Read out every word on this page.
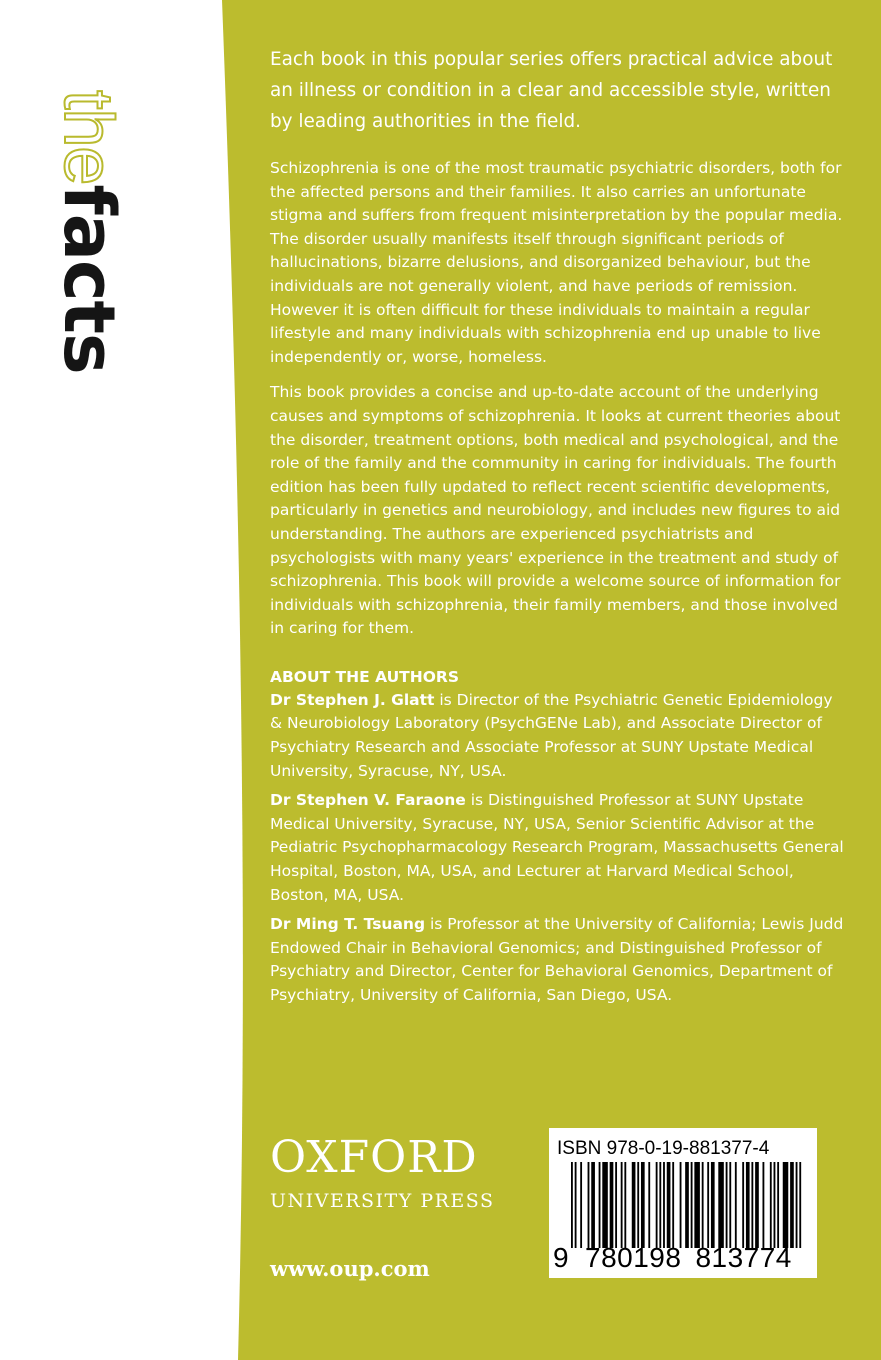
thefacts

Each book in this popular series offers practical advice about an illness or condition in a clear and accessible style, written by leading authorities in the field.

Schizophrenia is one of the most traumatic psychiatric disorders, both for the affected persons and their families. It also carries an unfortunate stigma and suffers from frequent misinterpretation by the popular media. The disorder usually manifests itself through significant periods of hallucinations, bizarre delusions, and disorganized behaviour, but the individuals are not generally violent, and have periods of remission. However it is often difficult for these individuals to maintain a regular lifestyle and many individuals with schizophrenia end up unable to live independently or, worse, homeless.

This book provides a concise and up-to-date account of the underlying causes and symptoms of schizophrenia. It looks at current theories about the disorder, treatment options, both medical and psychological, and the role of the family and the community in caring for individuals. The fourth edition has been fully updated to reflect recent scientific developments, particularly in genetics and neurobiology, and includes new figures to aid understanding. The authors are experienced psychiatrists and psychologists with many years' experience in the treatment and study of schizophrenia. This book will provide a welcome source of information for individuals with schizophrenia, their family members, and those involved in caring for them.

ABOUT THE AUTHORS

Dr Stephen J. Glatt is Director of the Psychiatric Genetic Epidemiology & Neurobiology Laboratory (PsychGENe Lab), and Associate Director of Psychiatry Research and Associate Professor at SUNY Upstate Medical University, Syracuse, NY, USA.

Dr Stephen V. Faraone is Distinguished Professor at SUNY Upstate Medical University, Syracuse, NY, USA, Senior Scientific Advisor at the Pediatric Psychopharmacology Research Program, Massachusetts General Hospital, Boston, MA, USA, and Lecturer at Harvard Medical School, Boston, MA, USA.

Dr Ming T. Tsuang is Professor at the University of California; Lewis Judd Endowed Chair in Behavioral Genomics; and Distinguished Professor of Psychiatry and Director, Center for Behavioral Genomics, Department of Psychiatry, University of California, San Diego, USA.

OXFORD
UNIVERSITY PRESS
www.oup.com
ISBN 978-0-19-881377-4
9 780198 813774
